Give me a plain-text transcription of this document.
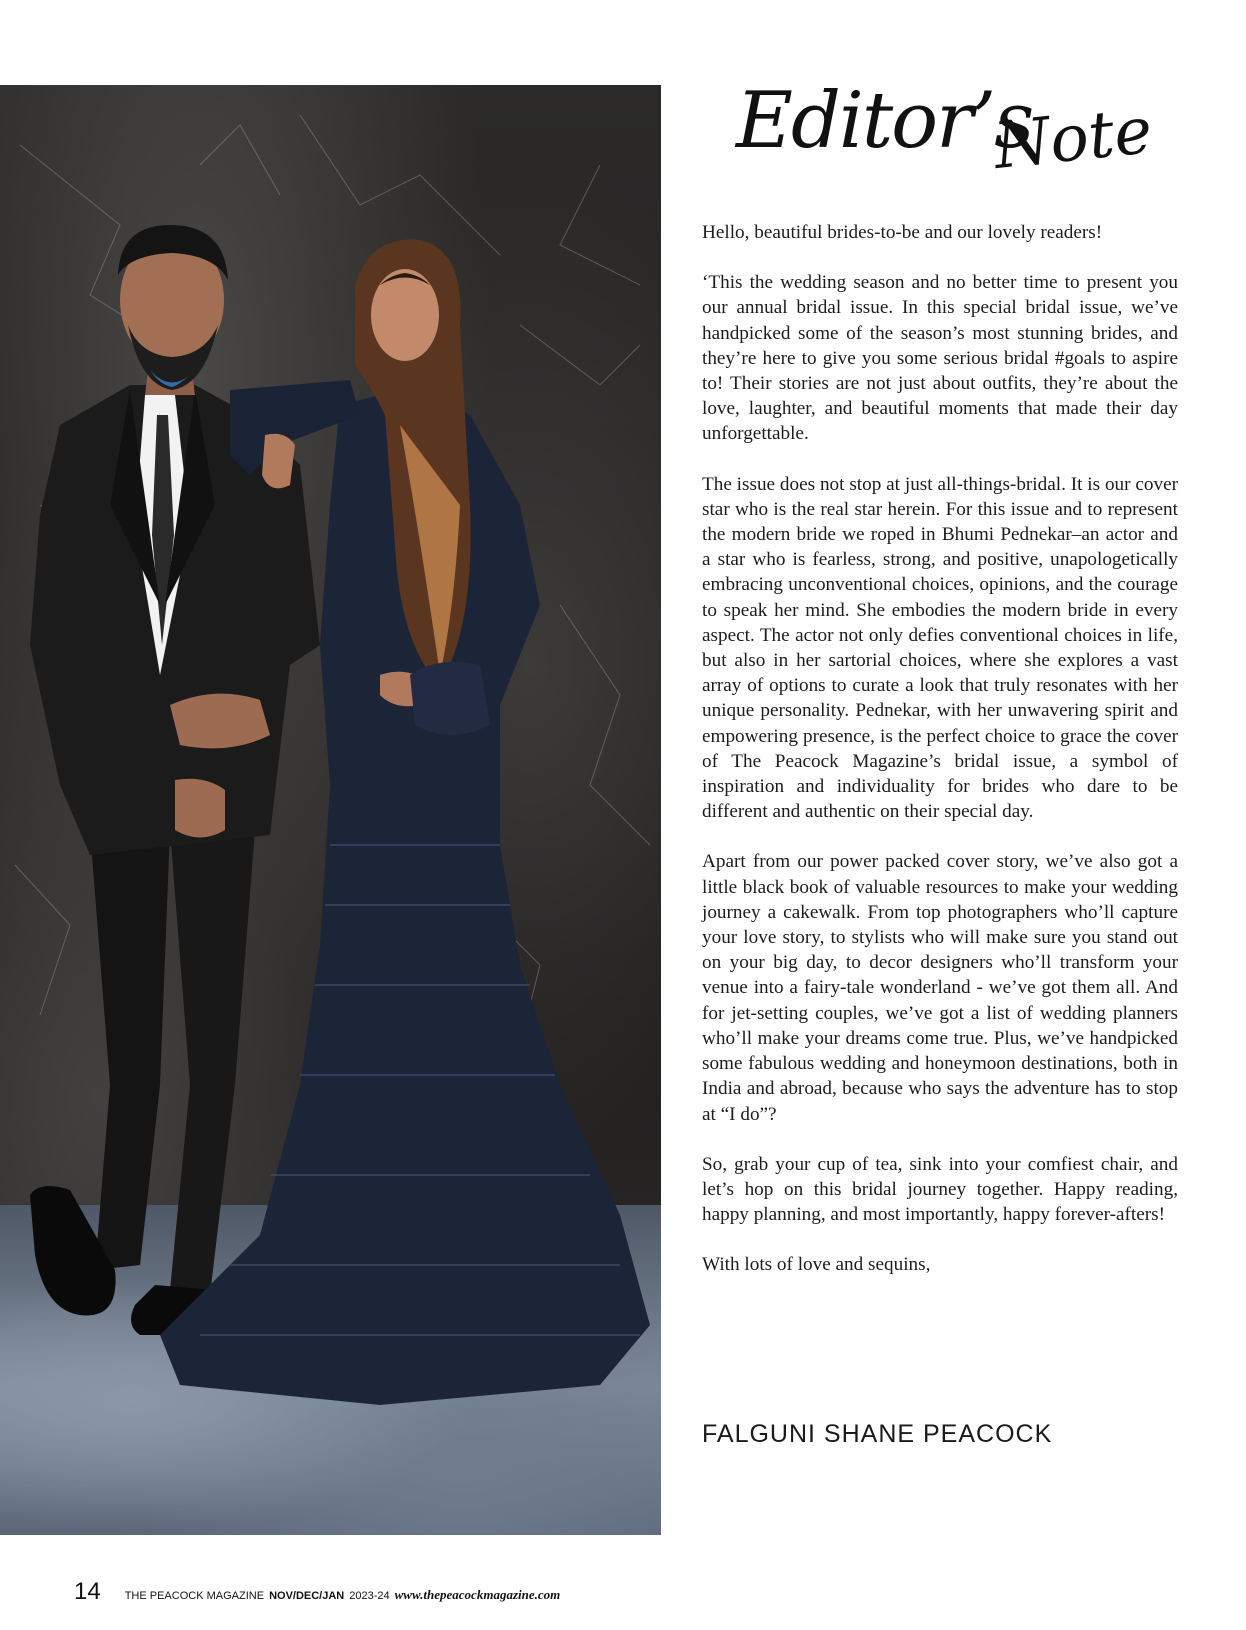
Editor’s
Note

Hello, beautiful brides-to-be and our lovely readers!

‘This the wedding season and no better time to present you our annual bridal issue. In this special bridal issue, we’ve handpicked some of the season’s most stunning brides, and they’re here to give you some serious bridal #goals to aspire to! Their stories are not just about outfits, they’re about the love, laughter, and beautiful moments that made their day unforgettable.

The issue does not stop at just all-things-bridal. It is our cover star who is the real star herein. For this issue and to represent the modern bride we roped in Bhumi Pednekar–an actor and a star who is fearless, strong, and positive, unapologetically embracing unconventional choices, opinions, and the courage to speak her mind. She embodies the modern bride in every aspect. The actor not only defies conventional choices in life, but also in her sartorial choices, where she explores a vast array of options to curate a look that truly resonates with her unique personality. Pednekar, with her unwavering spirit and empowering presence, is the perfect choice to grace the cover of The Peacock Magazine’s bridal issue, a symbol of inspiration and individuality for brides who dare to be different and authentic on their special day.

Apart from our power packed cover story, we’ve also got a little black book of valuable resources to make your wedding journey a cakewalk. From top photographers who’ll capture your love story, to stylists who will make sure you stand out on your big day, to decor designers who’ll transform your venue into a fairy-tale wonderland - we’ve got them all. And for jet-setting couples, we’ve got a list of wedding planners who’ll make your dreams come true. Plus, we’ve handpicked some fabulous wedding and honeymoon destinations, both in India and abroad, because who says the adventure has to stop at “I do”?

So, grab your cup of tea, sink into your comfiest chair, and let’s hop on this bridal journey together. Happy reading, happy planning, and most importantly, happy forever-afters!

With lots of love and sequins,

FALGUNI SHANE PEACOCK
14 THE PEACOCK MAGAZINE NOV/DEC/JAN 2023-24 www.thepeacockmagazine.com
